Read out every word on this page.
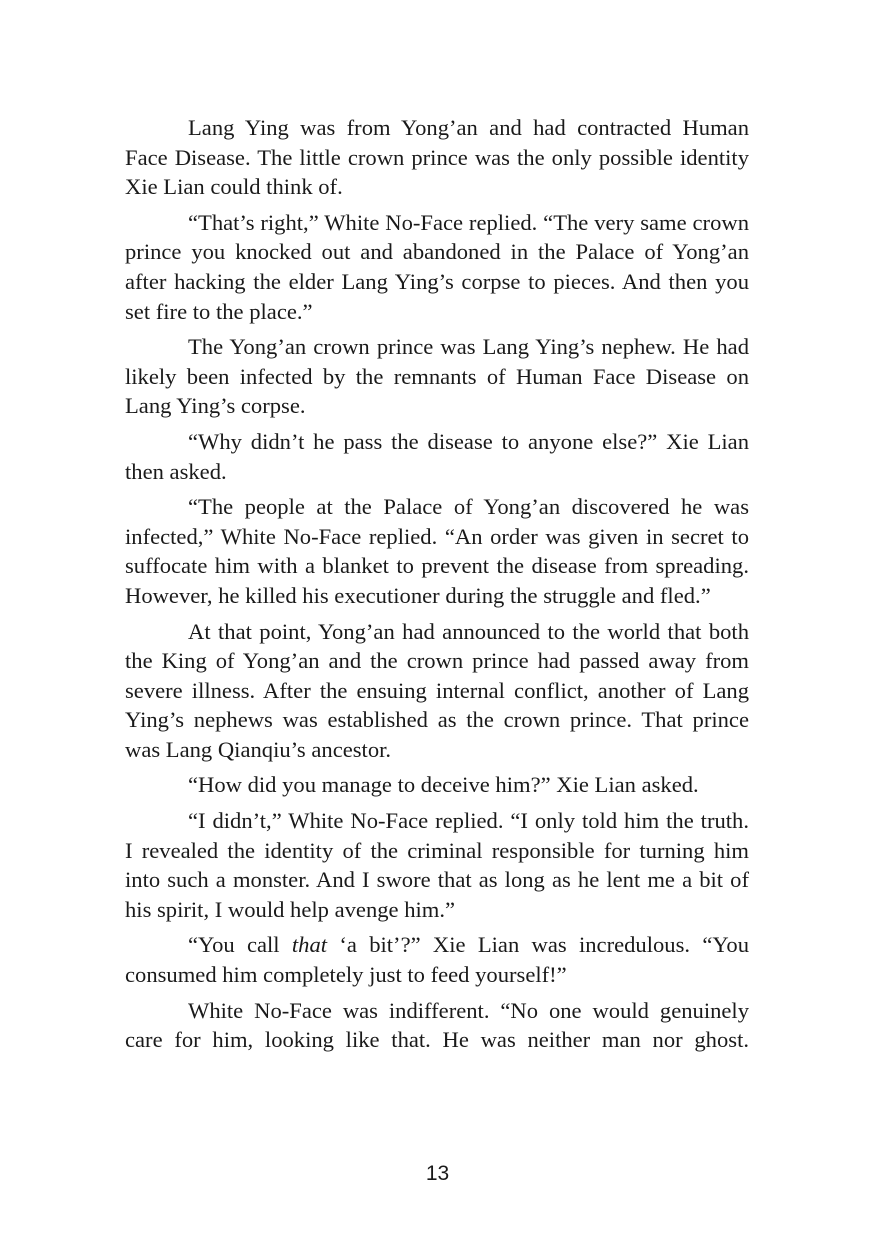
Lang Ying was from Yong’an and had contracted Human Face Disease. The little crown prince was the only possible identity Xie Lian could think of.

“That’s right,” White No-Face replied. “The very same crown prince you knocked out and abandoned in the Palace of Yong’an after hacking the elder Lang Ying’s corpse to pieces. And then you set fire to the place.”

The Yong’an crown prince was Lang Ying’s nephew. He had likely been infected by the remnants of Human Face Disease on Lang Ying’s corpse.

“Why didn’t he pass the disease to anyone else?” Xie Lian then asked.

“The people at the Palace of Yong’an discovered he was infected,” White No-Face replied. “An order was given in secret to suffocate him with a blanket to prevent the disease from spreading. However, he killed his executioner during the struggle and fled.”

At that point, Yong’an had announced to the world that both the King of Yong’an and the crown prince had passed away from severe illness. After the ensuing internal conflict, another of Lang Ying’s nephews was established as the crown prince. That prince was Lang Qianqiu’s ancestor.

“How did you manage to deceive him?” Xie Lian asked.

“I didn’t,” White No-Face replied. “I only told him the truth. I revealed the identity of the criminal responsible for turning him into such a monster. And I swore that as long as he lent me a bit of his spirit, I would help avenge him.”

“You call that ‘a bit’?” Xie Lian was incredulous. “You consumed him completely just to feed yourself!”

White No-Face was indifferent. “No one would genuinely care for him, looking like that. He was neither man nor ghost.

13
